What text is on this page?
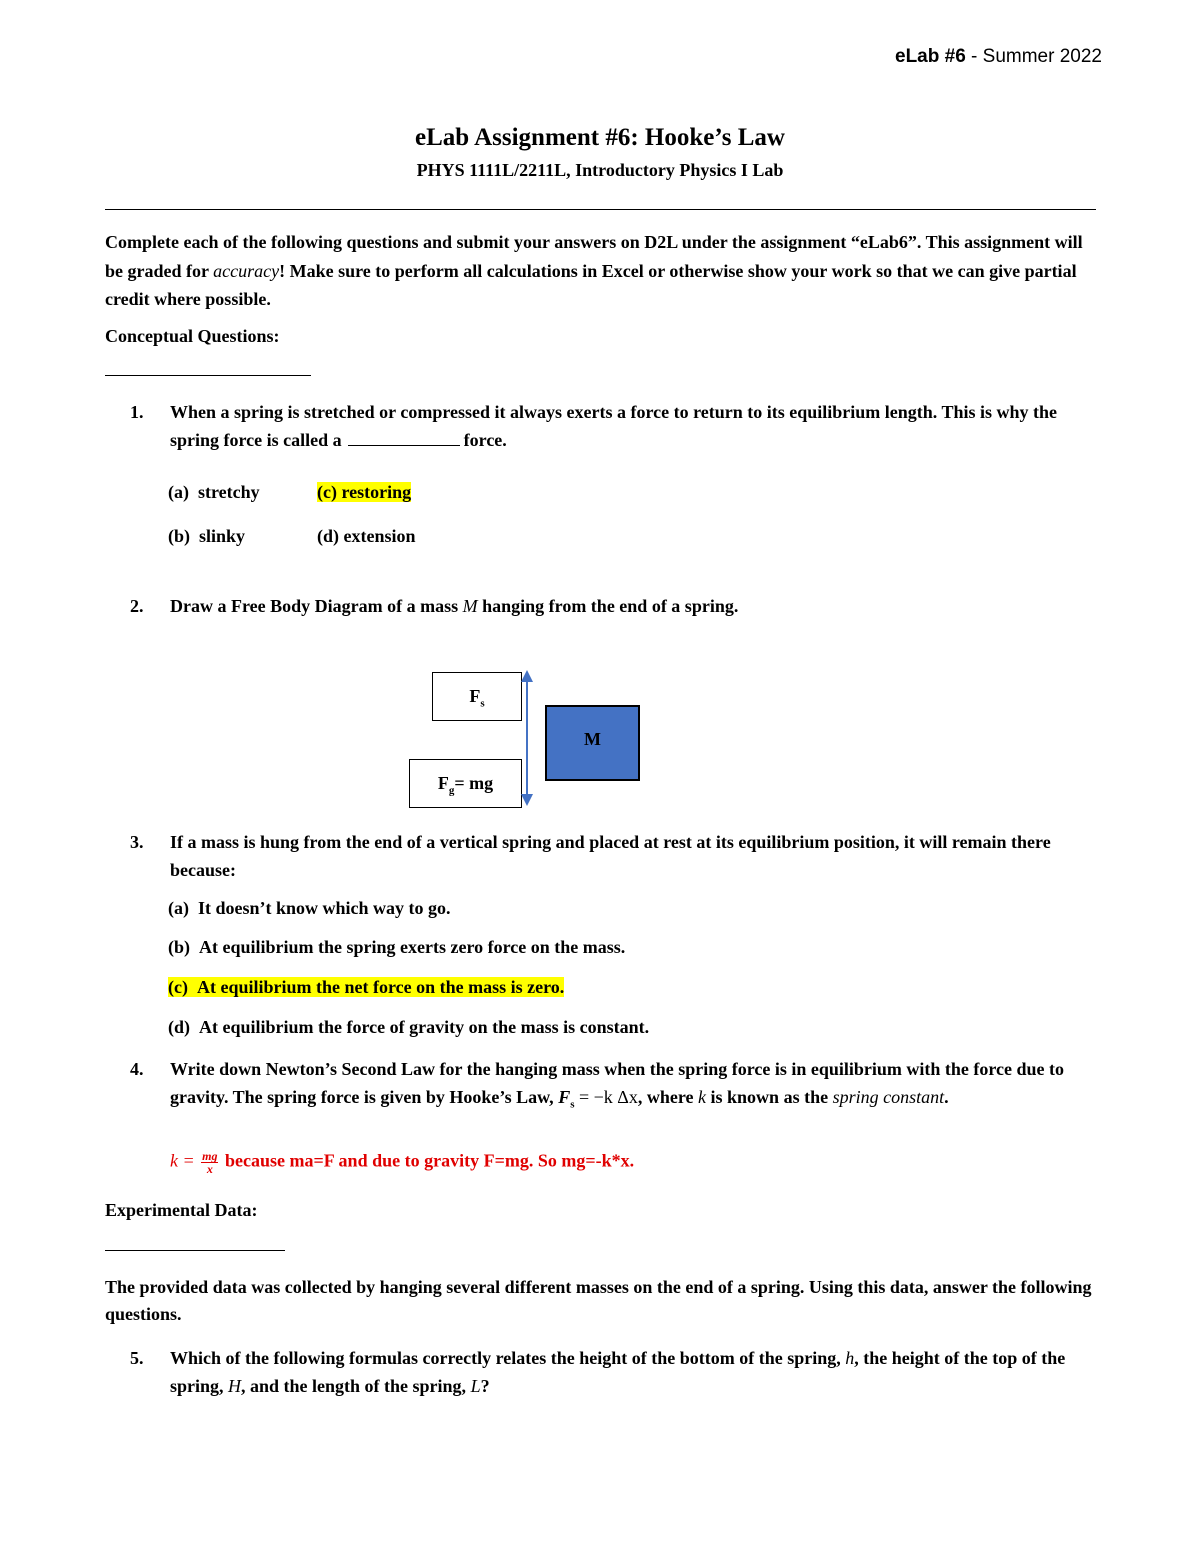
eLab #6 - Summer 2022
eLab Assignment #6: Hooke’s Law
PHYS 1111L/2211L, Introductory Physics I Lab
Complete each of the following questions and submit your answers on D2L under the assignment “eLab6”. This assignment will be graded for accuracy! Make sure to perform all calculations in Excel or otherwise show your work so that we can give partial credit where possible.
Conceptual Questions:
1. When a spring is stretched or compressed it always exerts a force to return to its equilibrium length. This is why the spring force is called a	force.
(a) stretchy
(b) slinky
(c) restoring
(d) extension
2. Draw a Free Body Diagram of a mass M hanging from the end of a spring.
$F_s$
$F_g=$ mg
M
3. If a mass is hung from the end of a vertical spring and placed at rest at its equilibrium position, it will remain there because:
(a) It doesn’t know which way to go.
(b) At equilibrium the spring exerts zero force on the mass.
(c) At equilibrium the net force on the mass is zero.
(d) At equilibrium the force of gravity on the mass is constant.
4. Write down Newton’s Second Law for the hanging mass when the spring force is in equilibrium with the force due to gravity. The spring force is given by Hooke’s Law, $F_s = -k$ Δx, where k is known as the spring constant.
$k = \frac{mg}{x}$ because ma=F and due to gravity F=mg. So mg=-k*x.
Experimental Data:
The provided data was collected by hanging several different masses on the end of a spring. Using this data, answer the following questions.
5. Which of the following formulas correctly relates the height of the bottom of the spring, h, the height of the top of the spring, H, and the length of the spring, L?
